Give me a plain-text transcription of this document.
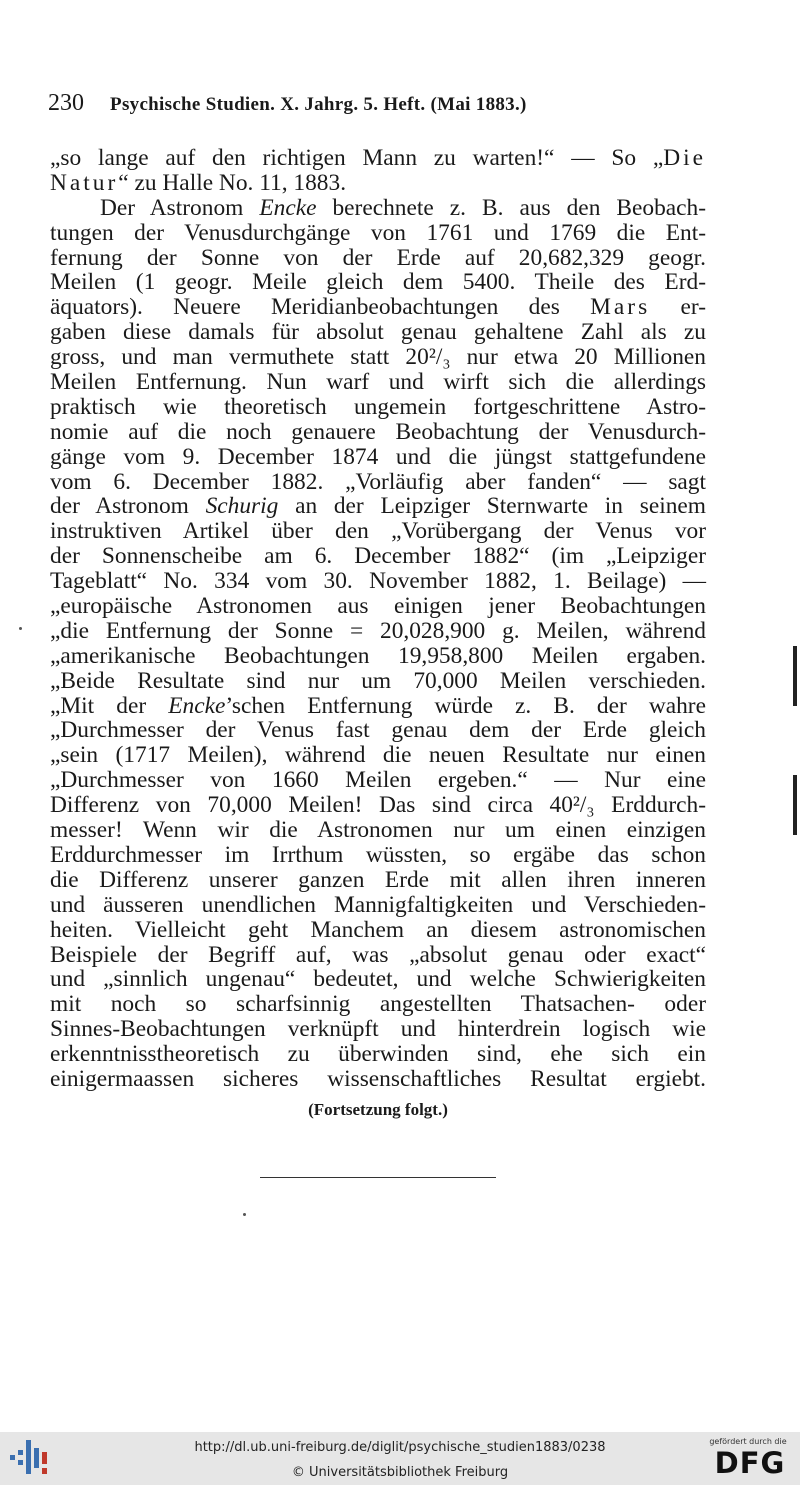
230 Psychische Studien. X. Jahrg. 5. Heft. (Mai 1883.)
„so lange auf den richtigen Mann zu warten!“ — So „Die
Natur“ zu Halle No. 11, 1883.
Der Astronom Encke berechnete z. B. aus den Beobach-
tungen der Venusdurchgänge von 1761 und 1769 die Ent-
fernung der Sonne von der Erde auf 20,682,329 geogr.
Meilen (1 geogr. Meile gleich dem 5400. Theile des Erd-
äquators). Neuere Meridianbeobachtungen des Mars er-
gaben diese damals für absolut genau gehaltene Zahl als zu
gross, und man vermuthete statt 20²/₃ nur etwa 20 Millionen
Meilen Entfernung. Nun warf und wirft sich die allerdings
praktisch wie theoretisch ungemein fortgeschrittene Astro-
nomie auf die noch genauere Beobachtung der Venusdurch-
gänge vom 9. December 1874 und die jüngst stattgefundene
vom 6. December 1882. „Vorläufig aber fanden“ — sagt
der Astronom Schurig an der Leipziger Sternwarte in seinem
instruktiven Artikel über den „Vorübergang der Venus vor
der Sonnenscheibe am 6. December 1882“ (im „Leipziger
Tageblatt“ No. 334 vom 30. November 1882, 1. Beilage) —
„europäische Astronomen aus einigen jener Beobachtungen
„die Entfernung der Sonne = 20,028,900 g. Meilen, während
„amerikanische Beobachtungen 19,958,800 Meilen ergaben.
„Beide Resultate sind nur um 70,000 Meilen verschieden.
„Mit der Encke’schen Entfernung würde z. B. der wahre
„Durchmesser der Venus fast genau dem der Erde gleich
„sein (1717 Meilen), während die neuen Resultate nur einen
„Durchmesser von 1660 Meilen ergeben.“ — Nur eine
Differenz von 70,000 Meilen! Das sind circa 40²/₃ Erddurch-
messer! Wenn wir die Astronomen nur um einen einzigen
Erddurchmesser im Irrthum wüssten, so ergäbe das schon
die Differenz unserer ganzen Erde mit allen ihren inneren
und äusseren unendlichen Mannigfaltigkeiten und Verschieden-
heiten. Vielleicht geht Manchem an diesem astronomischen
Beispiele der Begriff auf, was „absolut genau oder exact“
und „sinnlich ungenau“ bedeutet, und welche Schwierigkeiten
mit noch so scharfsinnig angestellten Thatsachen- oder
Sinnes-Beobachtungen verknüpft und hinterdrein logisch wie
erkenntnisstheoretisch zu überwinden sind, ehe sich ein
einigermaassen sicheres wissenschaftliches Resultat ergiebt.
(Fortsetzung folgt.)
http://dl.ub.uni-freiburg.de/diglit/psychische_studien1883/0238
© Universitätsbibliothek Freiburg
gefördert durch die
DFG
